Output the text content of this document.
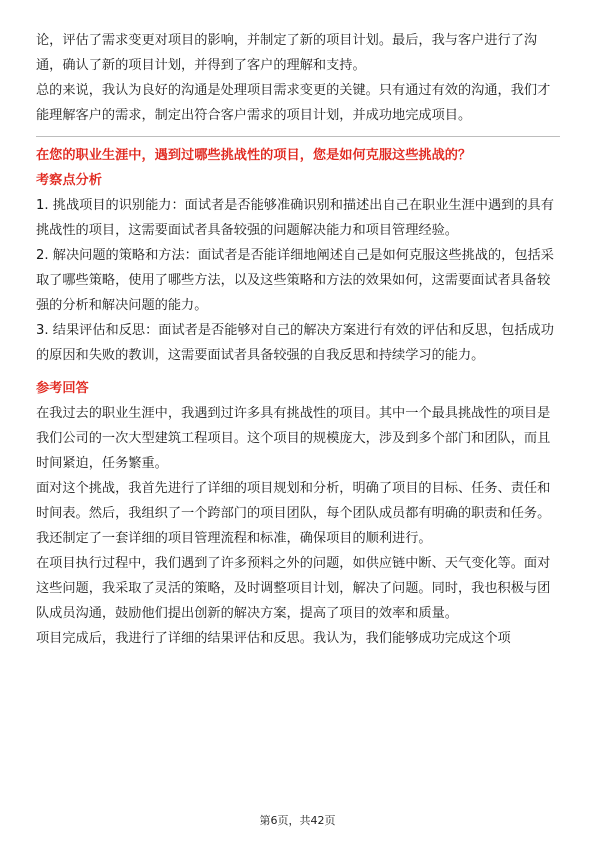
论，评估了需求变更对项目的影响，并制定了新的项目计划。最后，我与客户进行了沟通，确认了新的项目计划，并得到了客户的理解和支持。

总的来说，我认为良好的沟通是处理项目需求变更的关键。只有通过有效的沟通，我们才能理解客户的需求，制定出符合客户需求的项目计划，并成功地完成项目。

在您的职业生涯中，遇到过哪些挑战性的项目，您是如何克服这些挑战的？

考察点分析

1. 挑战项目的识别能力：面试者是否能够准确识别和描述出自己在职业生涯中遇到的具有挑战性的项目，这需要面试者具备较强的问题解决能力和项目管理经验。

2. 解决问题的策略和方法：面试者是否能详细地阐述自己是如何克服这些挑战的，包括采取了哪些策略，使用了哪些方法，以及这些策略和方法的效果如何，这需要面试者具备较强的分析和解决问题的能力。

3. 结果评估和反思：面试者是否能够对自己的解决方案进行有效的评估和反思，包括成功的原因和失败的教训，这需要面试者具备较强的自我反思和持续学习的能力。

参考回答

在我过去的职业生涯中，我遇到过许多具有挑战性的项目。其中一个最具挑战性的项目是我们公司的一次大型建筑工程项目。这个项目的规模庞大，涉及到多个部门和团队，而且时间紧迫，任务繁重。

面对这个挑战，我首先进行了详细的项目规划和分析，明确了项目的目标、任务、责任和时间表。然后，我组织了一个跨部门的项目团队，每个团队成员都有明确的职责和任务。我还制定了一套详细的项目管理流程和标准，确保项目的顺利进行。

在项目执行过程中，我们遇到了许多预料之外的问题，如供应链中断、天气变化等。面对这些问题，我采取了灵活的策略，及时调整项目计划，解决了问题。同时，我也积极与团队成员沟通，鼓励他们提出创新的解决方案，提高了项目的效率和质量。

项目完成后，我进行了详细的结果评估和反思。我认为，我们能够成功完成这个项

第6页，共42页
